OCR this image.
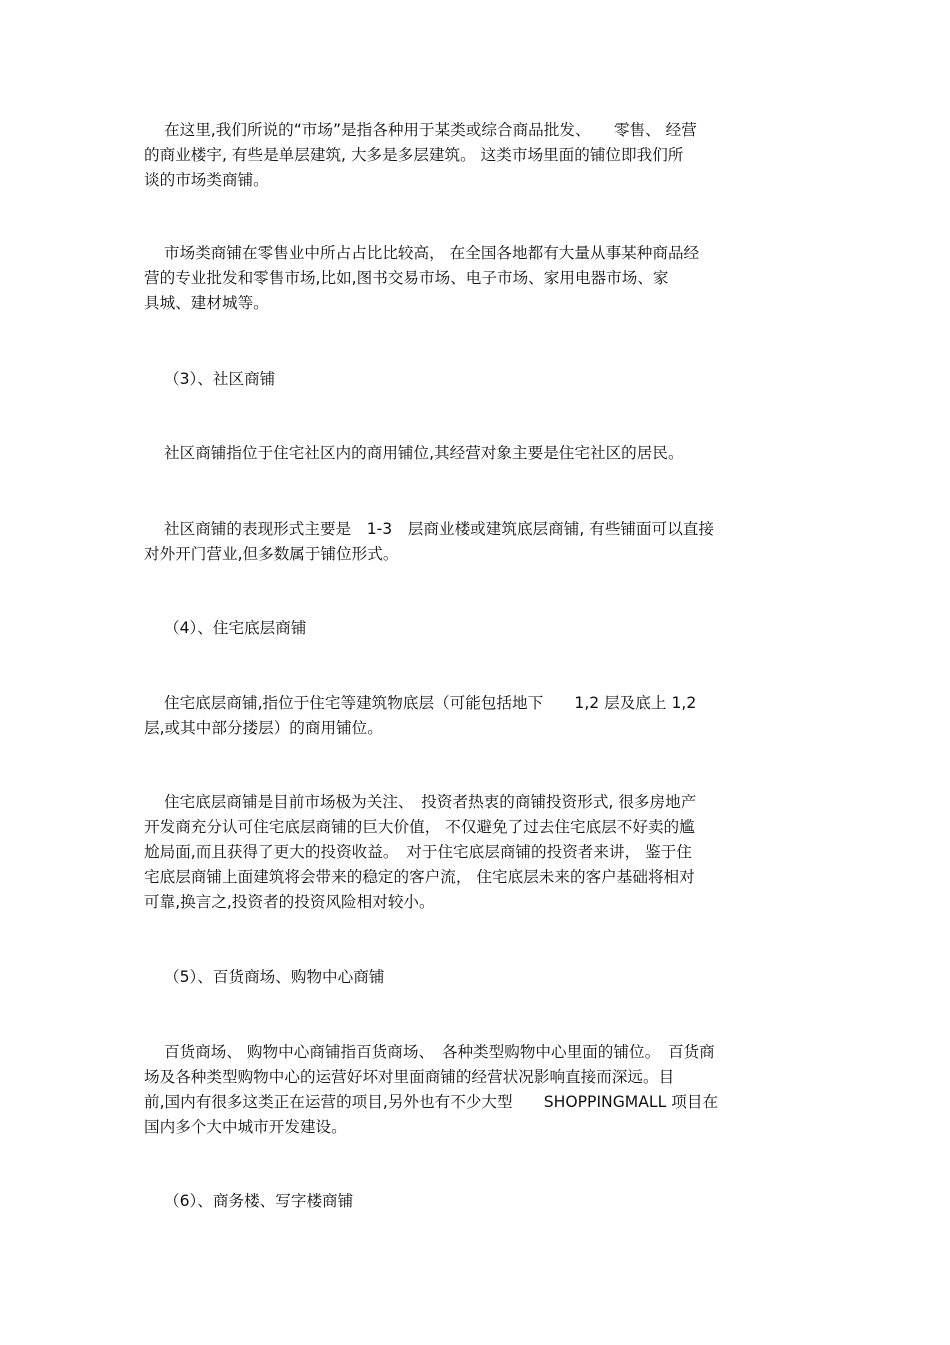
在这里,我们所说的“市场”是指各种用于某类或综合商品批发、　　零售、 经营
的商业楼宇, 有些是单层建筑, 大多是多层建筑。 这类市场里面的铺位即我们所
谈的市场类商铺。

市场类商铺在零售业中所占占比比较高， 在全国各地都有大量从事某种商品经
营的专业批发和零售市场,比如,图书交易市场、电子市场、家用电器市场、家
具城、建材城等。

（3）、社区商铺

社区商铺指位于住宅社区内的商用铺位,其经营对象主要是住宅社区的居民。

社区商铺的表现形式主要是　1-3　层商业楼或建筑底层商铺, 有些铺面可以直接
对外开门营业,但多数属于铺位形式。

（4）、住宅底层商铺

住宅底层商铺,指位于住宅等建筑物底层（可能包括地下　　1,2 层及底上 1,2
层,或其中部分搂层）的商用铺位。

住宅底层商铺是目前市场极为关注、　投资者热衷的商铺投资形式, 很多房地产
开发商充分认可住宅底层商铺的巨大价值， 不仅避免了过去住宅底层不好卖的尴
尬局面,而且获得了更大的投资收益。　对于住宅底层商铺的投资者来讲， 鉴于住
宅底层商铺上面建筑将会带来的稳定的客户流， 住宅底层未来的客户基础将相对
可靠,换言之,投资者的投资风险相对较小。

（5）、百货商场、购物中心商铺

百货商场、 购物中心商铺指百货商场、　各种类型购物中心里面的铺位。　百货商
场及各种类型购物中心的运营好坏对里面商铺的经营状况影响直接而深远。目
前,国内有很多这类正在运营的项目,另外也有不少大型　　SHOPPINGMALL 项目在
国内多个大中城市开发建设。

（6）、商务楼、写字楼商铺
